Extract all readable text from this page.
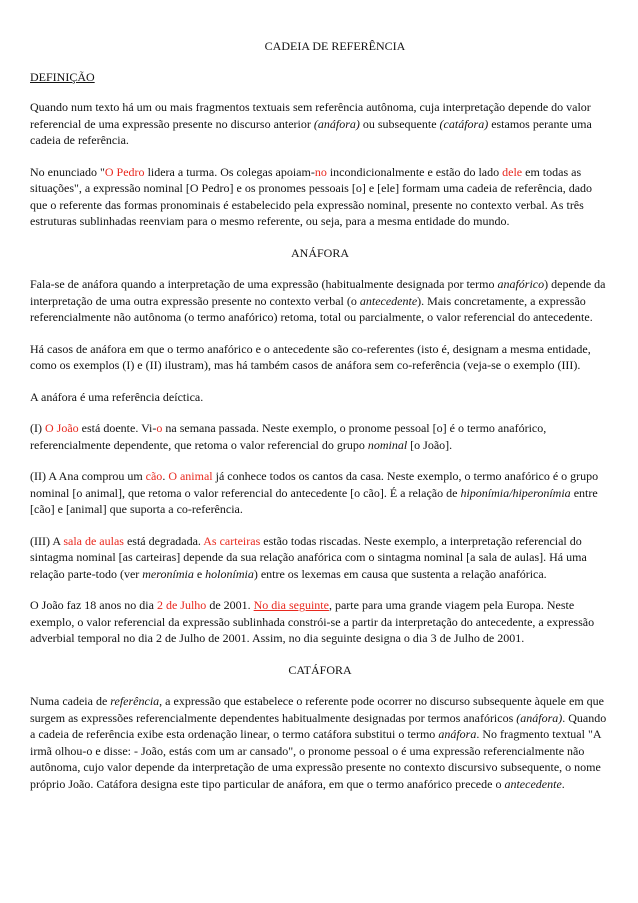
CADEIA DE REFERÊNCIA
DEFINIÇÃO

Quando num texto há um ou mais fragmentos textuais sem referência autônoma, cuja interpretação depende do valor referencial de uma expressão presente no discurso anterior (anáfora) ou subsequente (catáfora) estamos perante uma cadeia de referência.

No enunciado "O Pedro lidera a turma. Os colegas apoiam-no incondicionalmente e estão do lado dele em todas as situações", a expressão nominal [O Pedro] e os pronomes pessoais [o] e [ele] formam uma cadeia de referência, dado que o referente das formas pronominais é estabelecido pela expressão nominal, presente no contexto verbal. As três estruturas sublinhadas reenviam para o mesmo referente, ou seja, para a mesma entidade do mundo.

ANÁFORA

Fala-se de anáfora quando a interpretação de uma expressão (habitualmente designada por termo anafórico) depende da interpretação de uma outra expressão presente no contexto verbal (o antecedente). Mais concretamente, a expressão referencialmente não autônoma (o termo anafórico) retoma, total ou parcialmente, o valor referencial do antecedente.

Há casos de anáfora em que o termo anafórico e o antecedente são co-referentes (isto é, designam a mesma entidade, como os exemplos (I) e (II) ilustram), mas há também casos de anáfora sem co-referência (veja-se o exemplo (III).

A anáfora é uma referência deíctica.

(I) O João está doente. Vi-o na semana passada. Neste exemplo, o pronome pessoal [o] é o termo anafórico, referencialmente dependente, que retoma o valor referencial do grupo nominal [o João].

(II) A Ana comprou um cão. O animal já conhece todos os cantos da casa. Neste exemplo, o termo anafórico é o grupo nominal [o animal], que retoma o valor referencial do antecedente [o cão]. É a relação de hiponímia/hiperonímia entre [cão] e [animal] que suporta a co-referência.

(III) A sala de aulas está degradada. As carteiras estão todas riscadas. Neste exemplo, a interpretação referencial do sintagma nominal [as carteiras] depende da sua relação anafórica com o sintagma nominal [a sala de aulas]. Há uma relação parte-todo (ver meronímia e holonímia) entre os lexemas em causa que sustenta a relação anafórica.

O João faz 18 anos no dia 2 de Julho de 2001. No dia seguinte, parte para uma grande viagem pela Europa. Neste exemplo, o valor referencial da expressão sublinhada constrói-se a partir da interpretação do antecedente, a expressão adverbial temporal no dia 2 de Julho de 2001. Assim, no dia seguinte designa o dia 3 de Julho de 2001.

CATÁFORA

Numa cadeia de referência, a expressão que estabelece o referente pode ocorrer no discurso subsequente àquele em que surgem as expressões referencialmente dependentes habitualmente designadas por termos anafóricos (anáfora). Quando a cadeia de referência exibe esta ordenação linear, o termo catáfora substitui o termo anáfora. No fragmento textual "A irmã olhou-o e disse: - João, estás com um ar cansado", o pronome pessoal o é uma expressão referencialmente não autônoma, cujo valor depende da interpretação de uma expressão presente no contexto discursivo subsequente, o nome próprio João. Catáfora designa este tipo particular de anáfora, em que o termo anafórico precede o antecedente.
